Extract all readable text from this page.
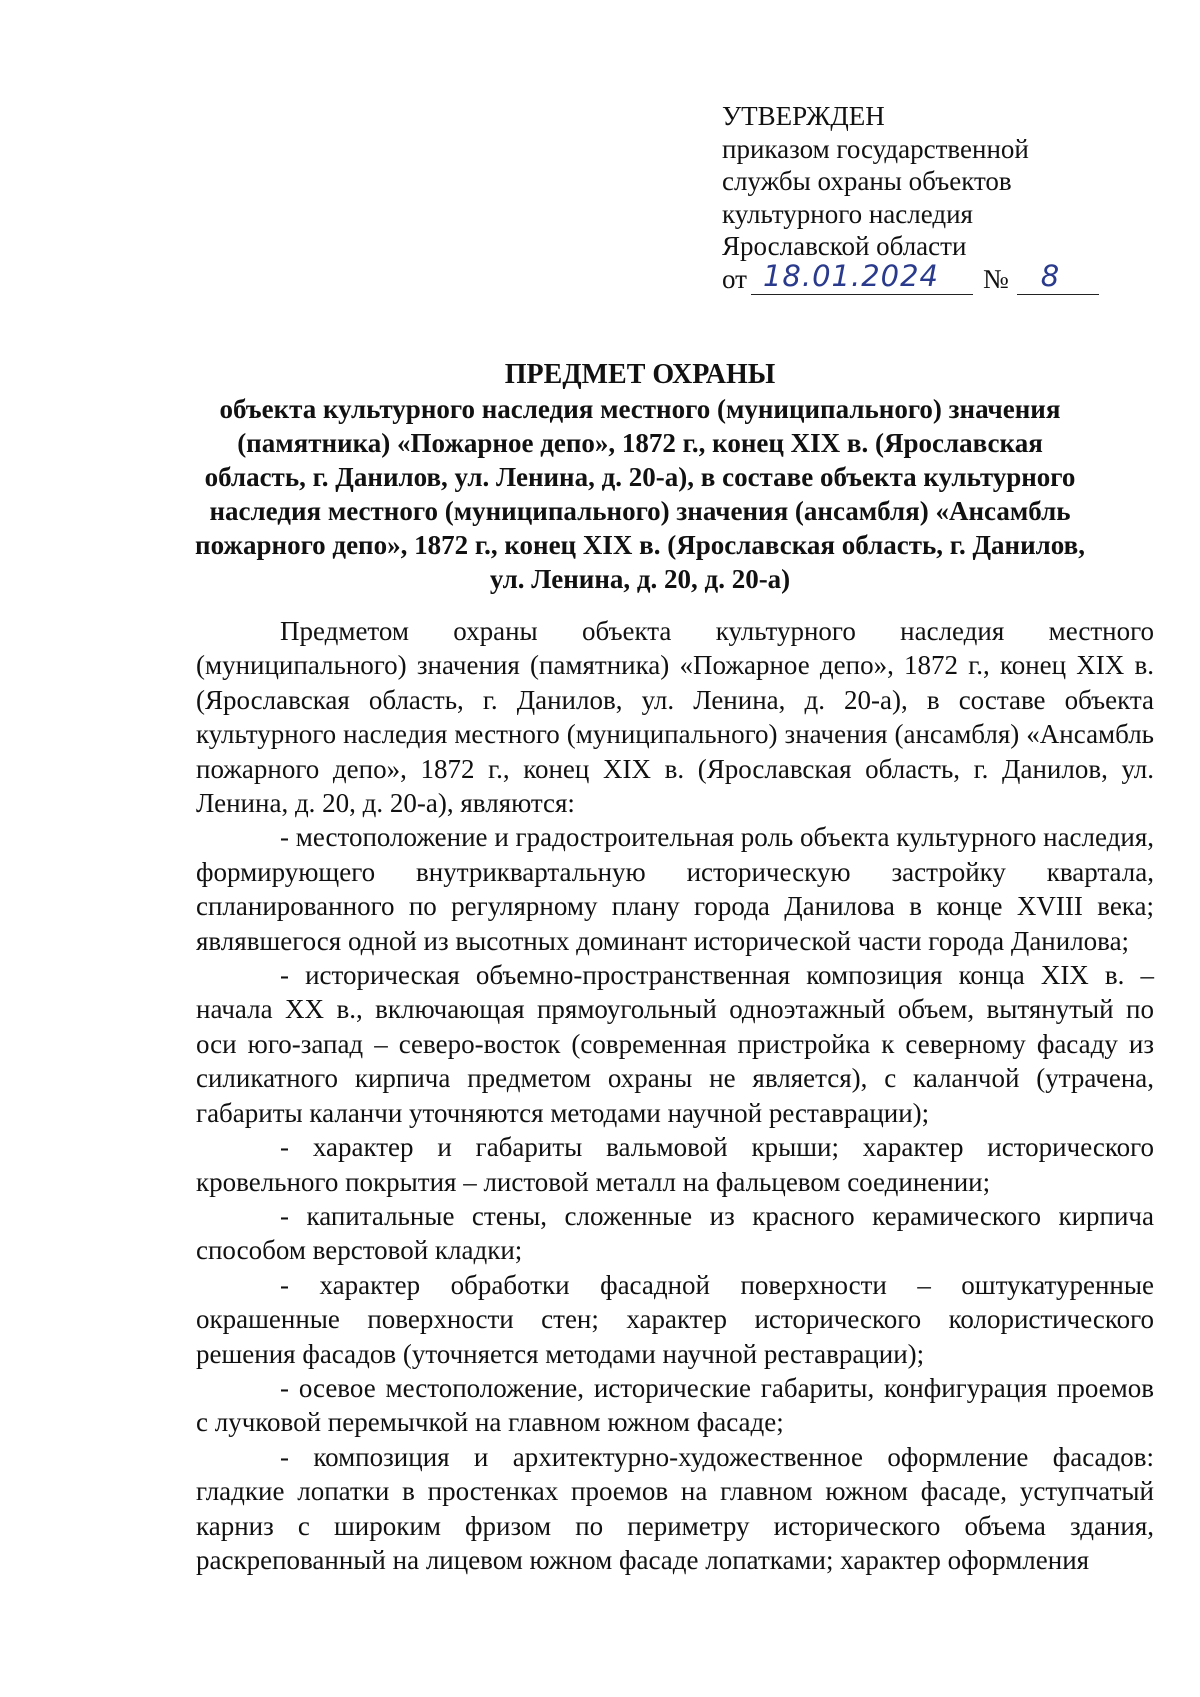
УТВЕРЖДЕН
приказом государственной
службы охраны объектов
культурного наследия
Ярославской области
от 18.01.2024 № 8
ПРЕДМЕТ ОХРАНЫ
объекта культурного наследия местного (муниципального) значения (памятника) «Пожарное депо», 1872 г., конец XIX в. (Ярославская область, г. Данилов, ул. Ленина, д. 20-а), в составе объекта культурного наследия местного (муниципального) значения (ансамбля) «Ансамбль пожарного депо», 1872 г., конец XIX в. (Ярославская область, г. Данилов, ул. Ленина, д. 20, д. 20-а)

Предметом охраны объекта культурного наследия местного (муниципального) значения (памятника) «Пожарное депо», 1872 г., конец XIX в. (Ярославская область, г. Данилов, ул. Ленина, д. 20-а), в составе объекта культурного наследия местного (муниципального) значения (ансамбля) «Ансамбль пожарного депо», 1872 г., конец XIX в. (Ярославская область, г. Данилов, ул. Ленина, д. 20, д. 20-а), являются:

- местоположение и градостроительная роль объекта культурного наследия, формирующего внутриквартальную историческую застройку квартала, спланированного по регулярному плану города Данилова в конце XVIII века; являвшегося одной из высотных доминант исторической части города Данилова;

- историческая объемно-пространственная композиция конца XIX в. – начала XX в., включающая прямоугольный одноэтажный объем, вытянутый по оси юго-запад – северо-восток (современная пристройка к северному фасаду из силикатного кирпича предметом охраны не является), с каланчой (утрачена, габариты каланчи уточняются методами научной реставрации);

- характер и габариты вальмовой крыши; характер исторического кровельного покрытия – листовой металл на фальцевом соединении;

- капитальные стены, сложенные из красного керамического кирпича способом верстовой кладки;

- характер обработки фасадной поверхности – оштукатуренные окрашенные поверхности стен; характер исторического колористического решения фасадов (уточняется методами научной реставрации);

- осевое местоположение, исторические габариты, конфигурация проемов с лучковой перемычкой на главном южном фасаде;

- композиция и архитектурно-художественное оформление фасадов: гладкие лопатки в простенках проемов на главном южном фасаде, уступчатый карниз с широким фризом по периметру исторического объема здания, раскрепованный на лицевом южном фасаде лопатками; характер оформления
